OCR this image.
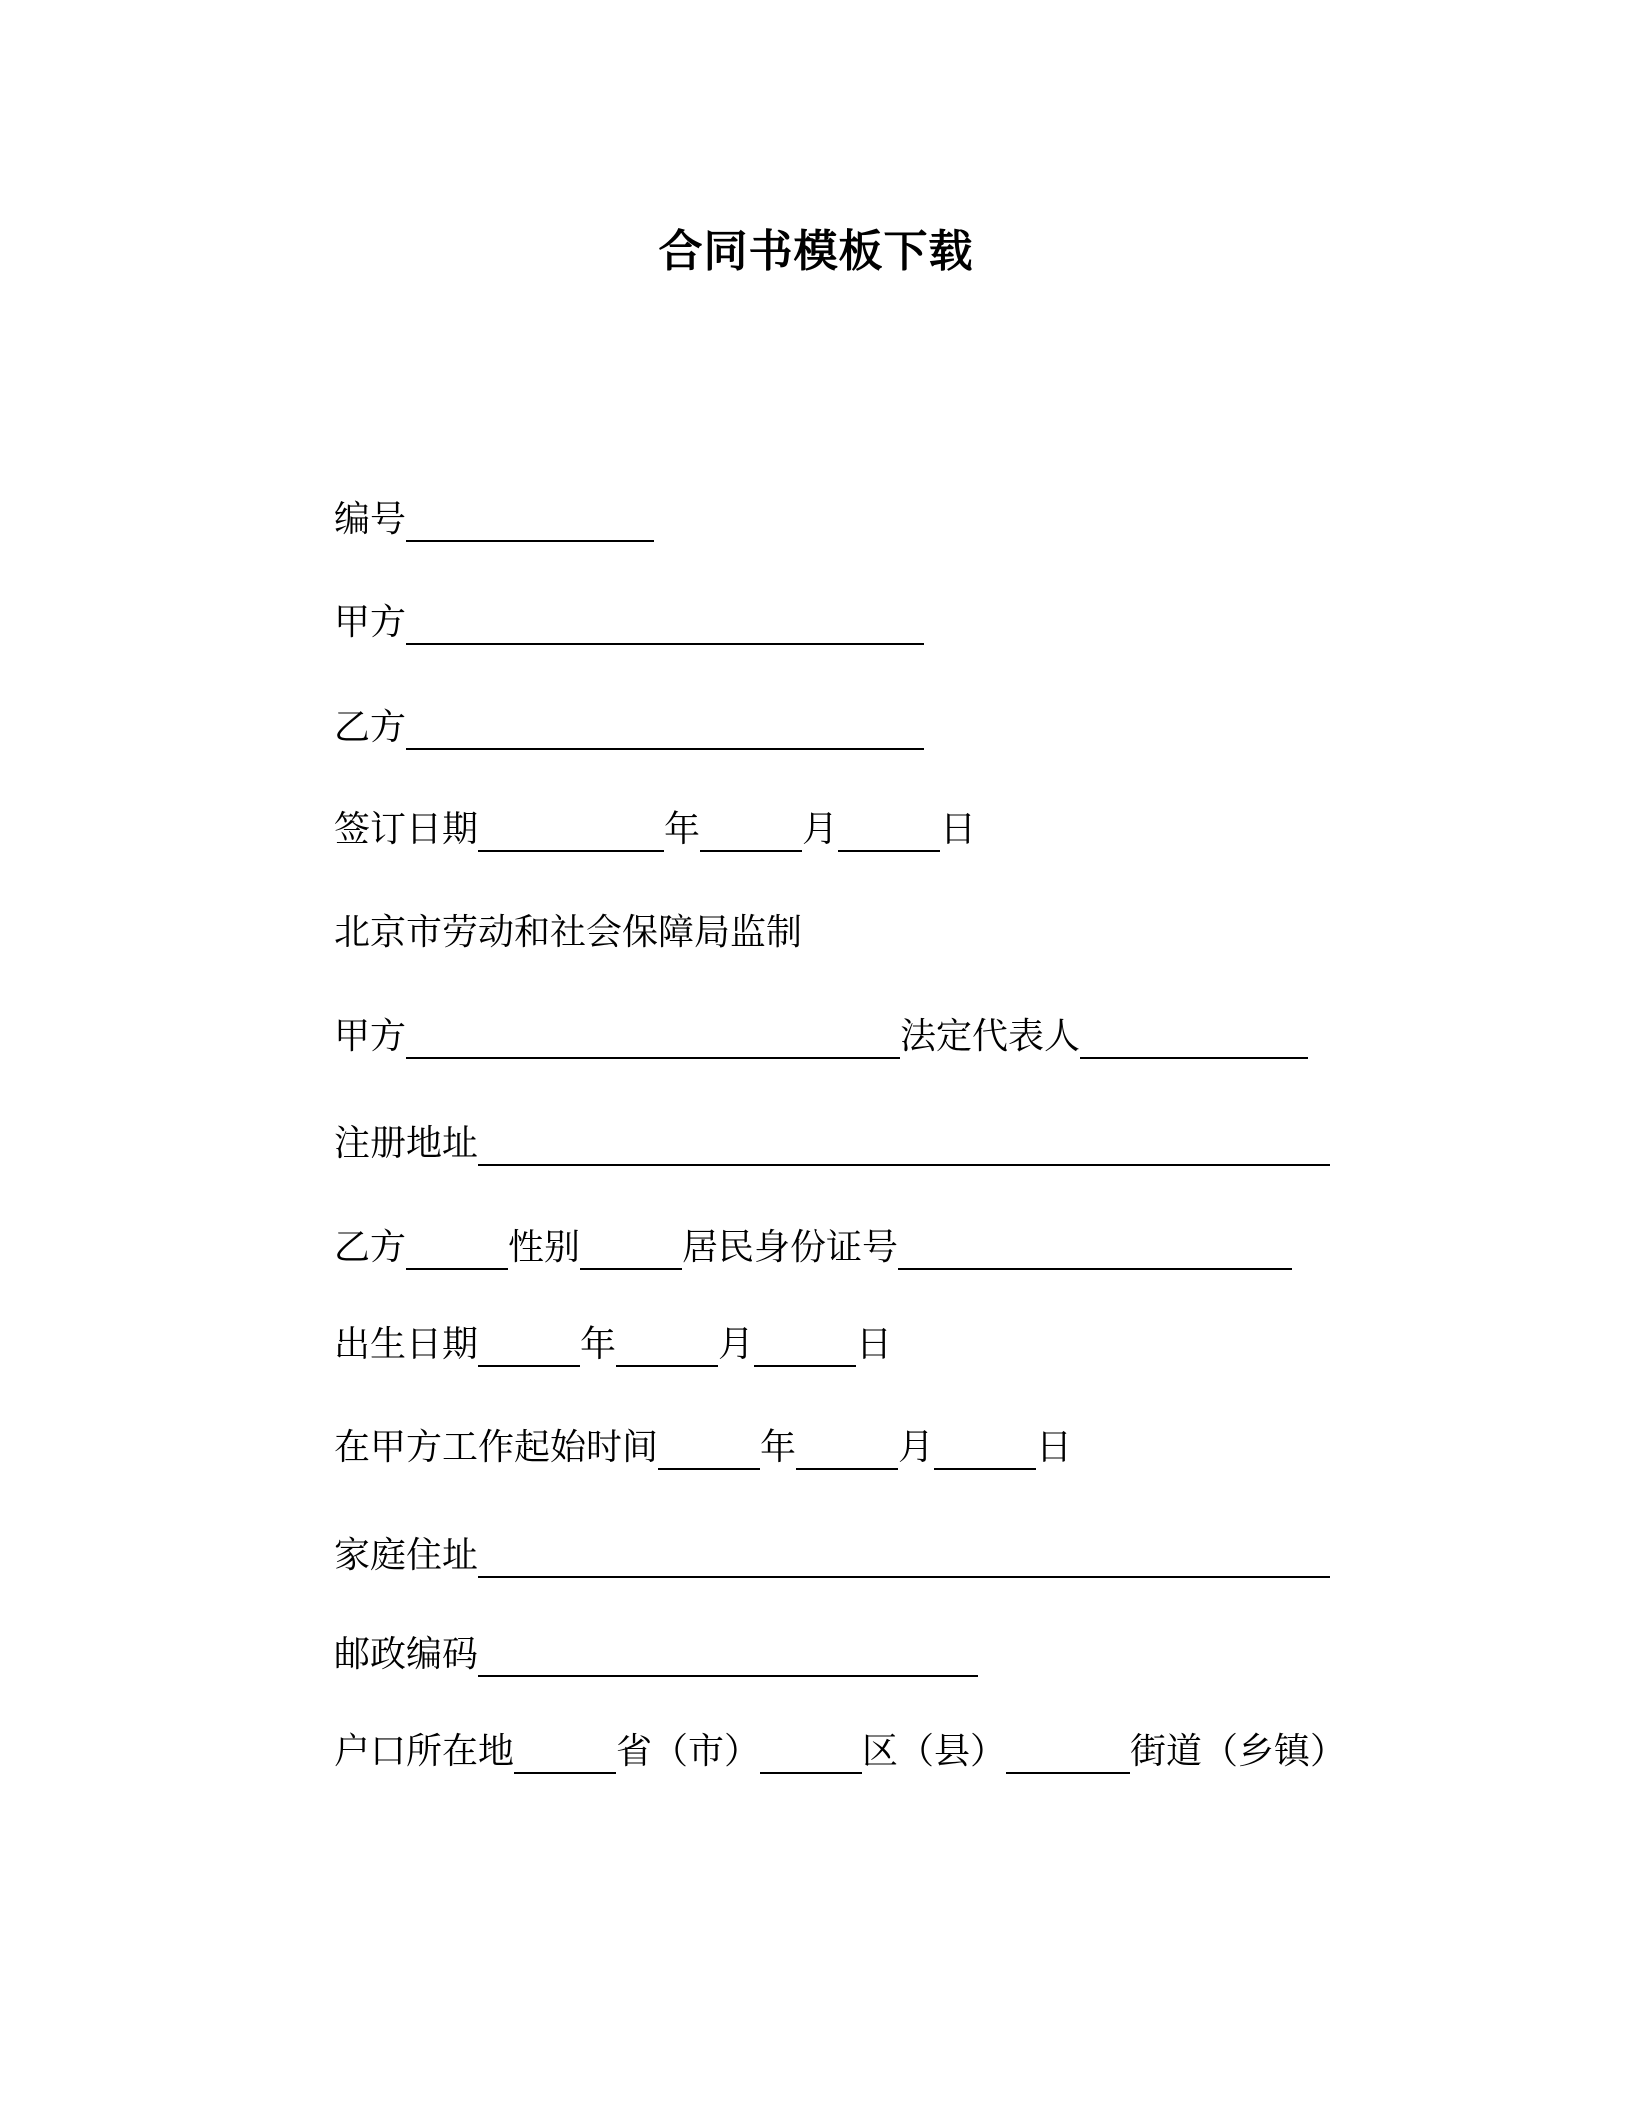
合同书模板下载
编号
甲方
乙方
签订日期	年	月	日
北京市劳动和社会保障局监制
甲方	法定代表人
注册地址
乙方	性别	居民身份证号
出生日期	年	月	日
在甲方工作起始时间	年	月	日
家庭住址
邮政编码
户口所在地	省（市）	区（县）	街道（乡镇）
